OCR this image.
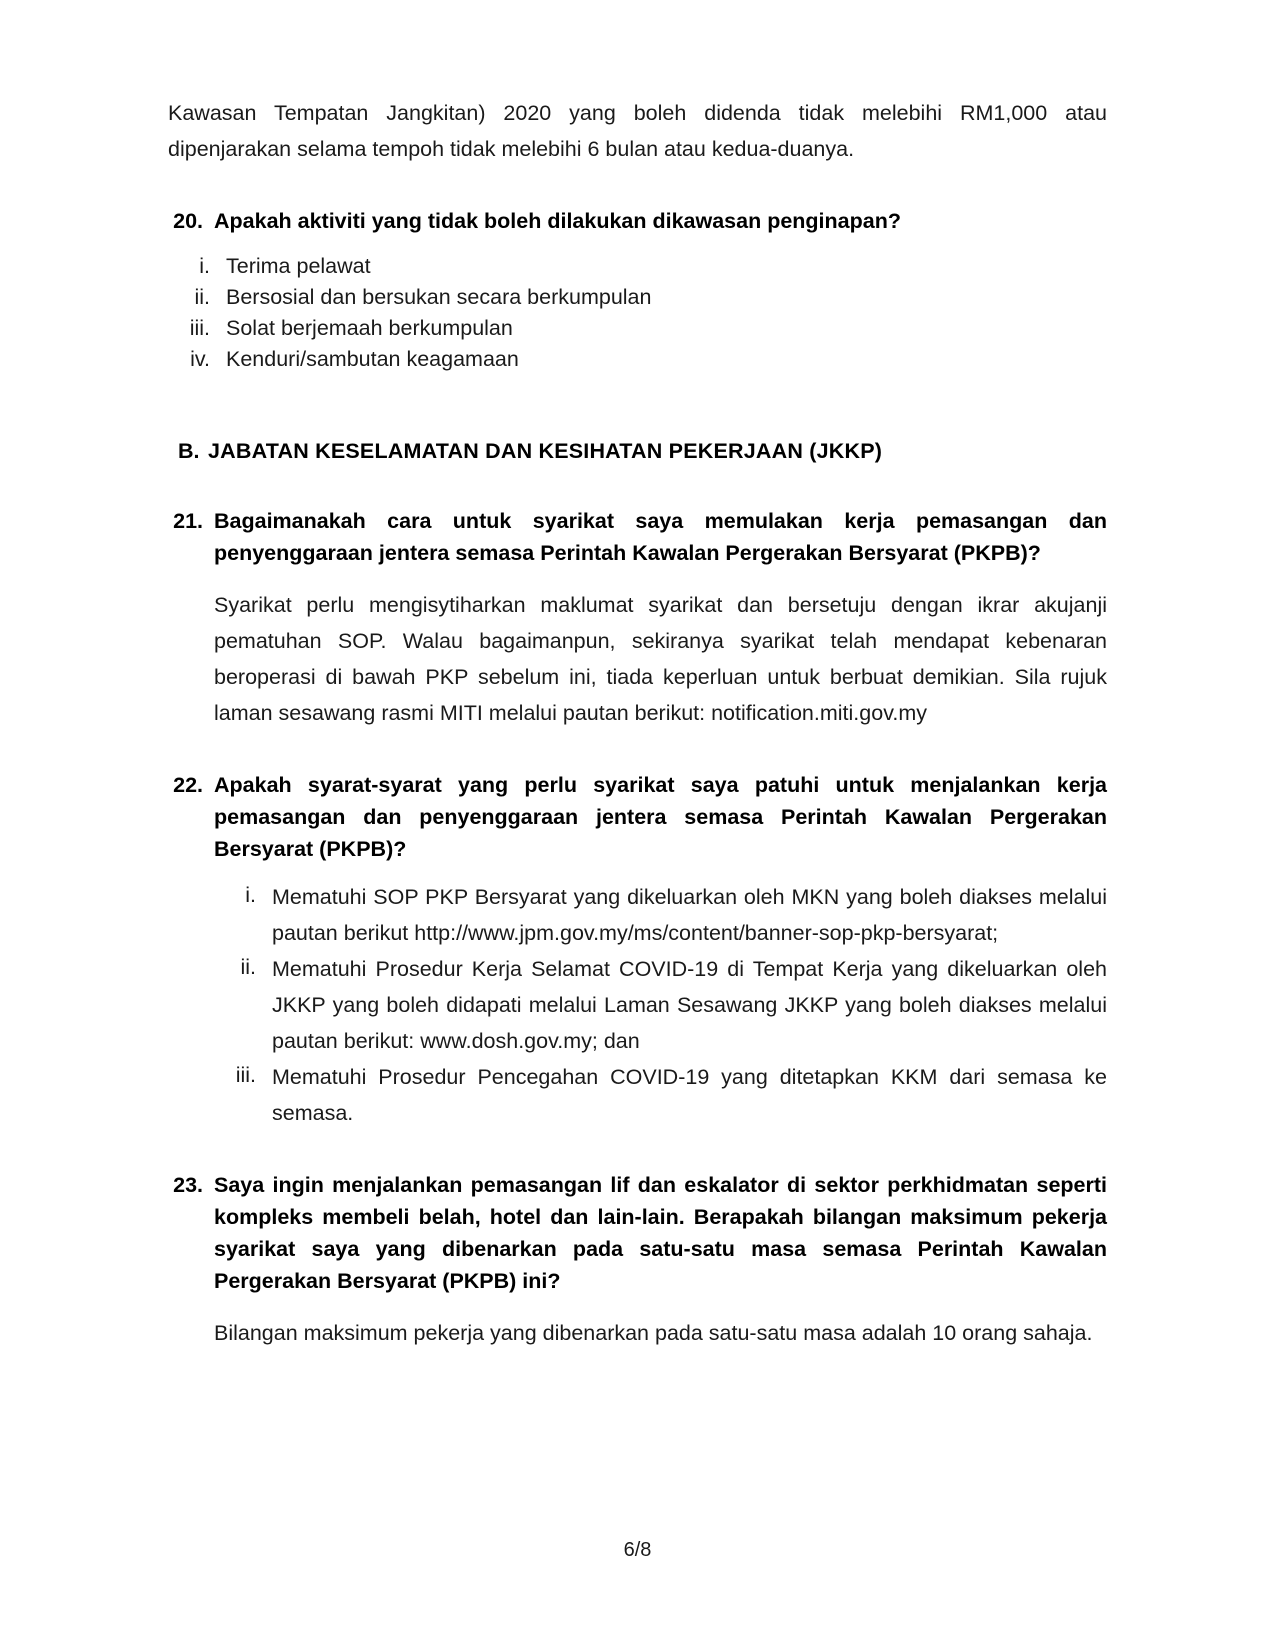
Kawasan Tempatan Jangkitan) 2020 yang boleh didenda tidak melebihi RM1,000 atau dipenjarakan selama tempoh tidak melebihi 6 bulan atau kedua-duanya.

20. Apakah aktiviti yang tidak boleh dilakukan dikawasan penginapan?
i. Terima pelawat
ii. Bersosial dan bersukan secara berkumpulan
iii. Solat berjemaah berkumpulan
iv. Kenduri/sambutan keagamaan
B. JABATAN KESELAMATAN DAN KESIHATAN PEKERJAAN (JKKP)
21. Bagaimanakah cara untuk syarikat saya memulakan kerja pemasangan dan penyenggaraan jentera semasa Perintah Kawalan Pergerakan Bersyarat (PKPB)?

Syarikat perlu mengisytiharkan maklumat syarikat dan bersetuju dengan ikrar akujanji pematuhan SOP. Walau bagaimanpun, sekiranya syarikat telah mendapat kebenaran beroperasi di bawah PKP sebelum ini, tiada keperluan untuk berbuat demikian. Sila rujuk laman sesawang rasmi MITI melalui pautan berikut: notification.miti.gov.my

22. Apakah syarat-syarat yang perlu syarikat saya patuhi untuk menjalankan kerja pemasangan dan penyenggaraan jentera semasa Perintah Kawalan Pergerakan Bersyarat (PKPB)?
i. Mematuhi SOP PKP Bersyarat yang dikeluarkan oleh MKN yang boleh diakses melalui pautan berikut http://www.jpm.gov.my/ms/content/banner-sop-pkp-bersyarat;
ii. Mematuhi Prosedur Kerja Selamat COVID-19 di Tempat Kerja yang dikeluarkan oleh JKKP yang boleh didapati melalui Laman Sesawang JKKP yang boleh diakses melalui pautan berikut: www.dosh.gov.my; dan
iii. Mematuhi Prosedur Pencegahan COVID-19 yang ditetapkan KKM dari semasa ke semasa.
23. Saya ingin menjalankan pemasangan lif dan eskalator di sektor perkhidmatan seperti kompleks membeli belah, hotel dan lain-lain. Berapakah bilangan maksimum pekerja syarikat saya yang dibenarkan pada satu-satu masa semasa Perintah Kawalan Pergerakan Bersyarat (PKPB) ini?

Bilangan maksimum pekerja yang dibenarkan pada satu-satu masa adalah 10 orang sahaja.

6/8
